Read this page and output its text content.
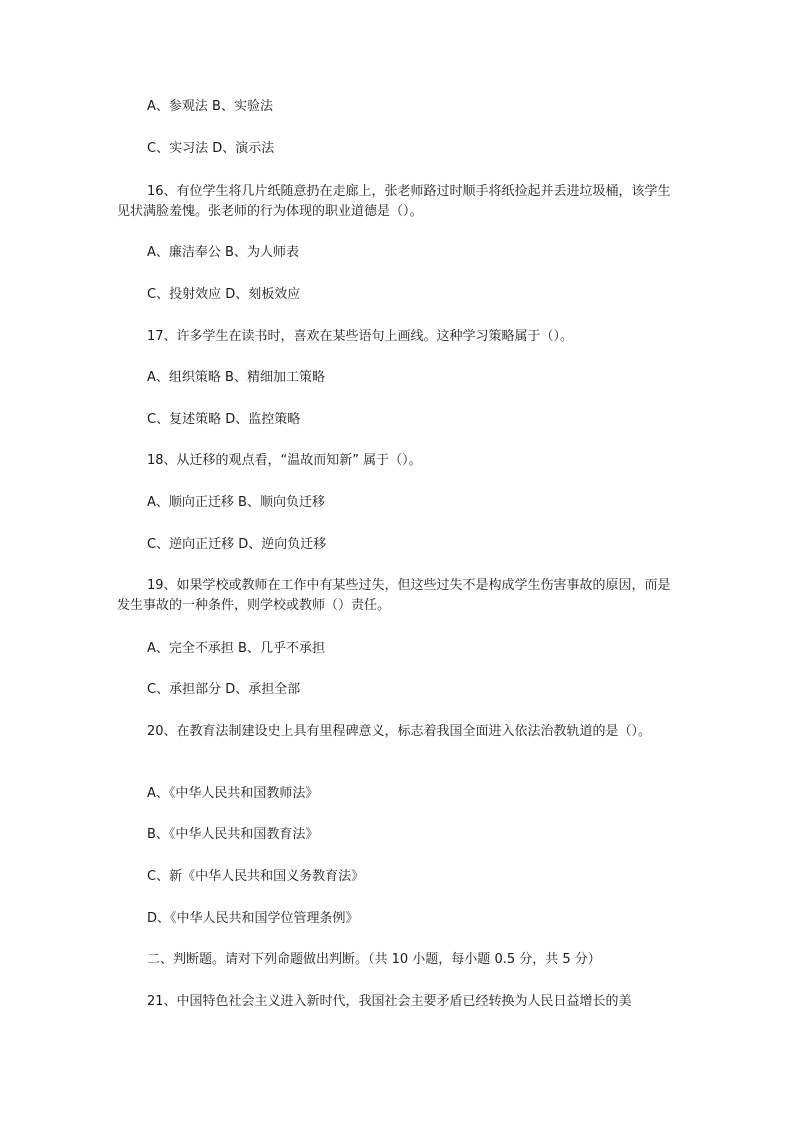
A、参观法 B、实验法
C、实习法 D、演示法
16、有位学生将几片纸随意扔在走廊上，张老师路过时顺手将纸捡起并丢进垃圾桶，该学生见状满脸羞愧。张老师的行为体现的职业道德是（）。
A、廉洁奉公 B、为人师表
C、投射效应 D、刻板效应
17、许多学生在读书时，喜欢在某些语句上画线。这种学习策略属于（）。
A、组织策略 B、精细加工策略
C、复述策略 D、监控策略
18、从迁移的观点看，“温故而知新” 属于（）。
A、顺向正迁移 B、顺向负迁移
C、逆向正迁移 D、逆向负迁移
19、如果学校或教师在工作中有某些过失，但这些过失不是构成学生伤害事故的原因，而是发生事故的一种条件，则学校或教师（）责任。
A、完全不承担 B、几乎不承担
C、承担部分 D、承担全部
20、在教育法制建设史上具有里程碑意义，标志着我国全面进入依法治教轨道的是（）。
A、《中华人民共和国教师法》
B、《中华人民共和国教育法》
C、新《中华人民共和国义务教育法》
D、《中华人民共和国学位管理条例》
二、判断题。请对下列命题做出判断。（共 10 小题，每小题 0.5 分，共 5 分）
21、中国特色社会主义进入新时代，我国社会主要矛盾已经转换为人民日益增长的美
